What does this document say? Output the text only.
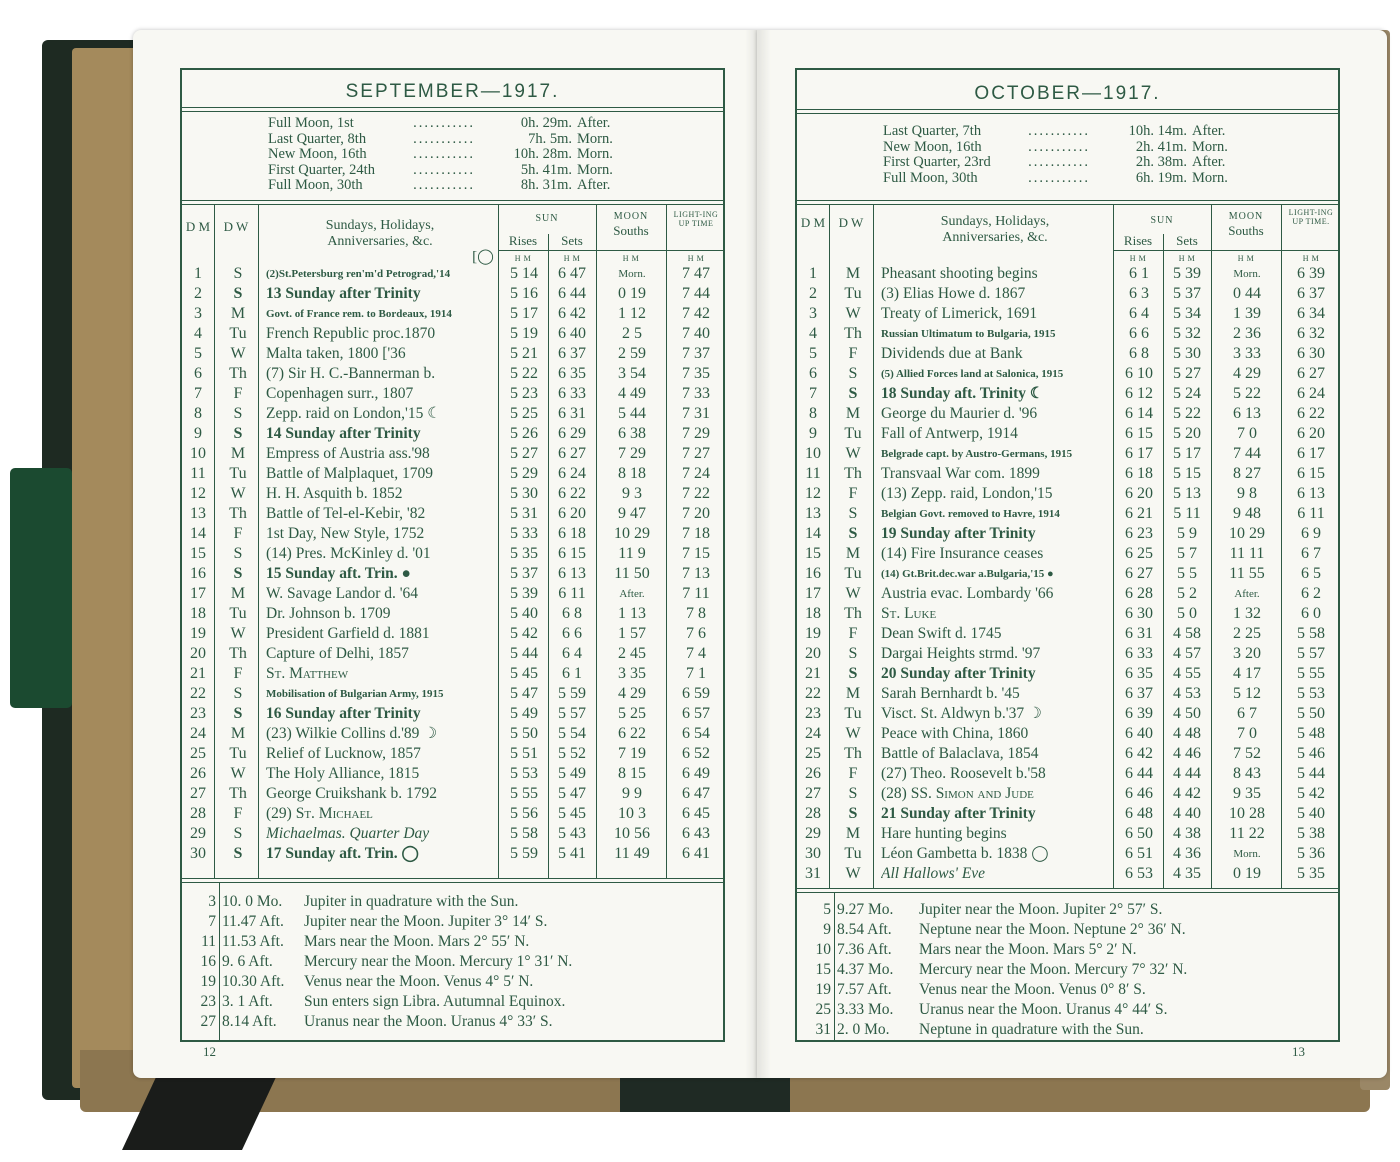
SEPTEMBER—1917.
Full Moon, 1st	...........	0h. 29m. After.
Last Quarter, 8th	...........	7h. 5m. Morn.
New Moon, 16th	...........	10h. 28m. Morn.
First Quarter, 24th	...........	5h. 41m. Morn.
Full Moon, 30th	...........	8h. 31m. After.
D M	D W	Sundays, Holidays, Anniversaries, &c.
SUN
Rises	Sets
MOON
Souths
LIGHT-ING UP TIME
H M	H M	H M	H M
[◯
1	S	(2)St.Petersburg ren'm'd Petrograd,'14	5 14	6 47	Morn.	7 47
2	S	13 Sunday after Trinity	5 16	6 44	0 19	7 44
3	M	Govt. of France rem. to Bordeaux, 1914	5 17	6 42	1 12	7 42
4	Tu	French Republic proc.1870	5 19	6 40	2 5	7 40
5	W	Malta taken, 1800 ['36	5 21	6 37	2 59	7 37
6	Th	(7) Sir H. C.-Bannerman b.	5 22	6 35	3 54	7 35
7	F	Copenhagen surr., 1807	5 23	6 33	4 49	7 33
8	S	Zepp. raid on London,'15 ☾	5 25	6 31	5 44	7 31
9	S	14 Sunday after Trinity	5 26	6 29	6 38	7 29
10	M	Empress of Austria ass.'98	5 27	6 27	7 29	7 27
11	Tu	Battle of Malplaquet, 1709	5 29	6 24	8 18	7 24
12	W	H. H. Asquith b. 1852	5 30	6 22	9 3	7 22
13	Th	Battle of Tel-el-Kebir, '82	5 31	6 20	9 47	7 20
14	F	1st Day, New Style, 1752	5 33	6 18	10 29	7 18
15	S	(14) Pres. McKinley d. '01	5 35	6 15	11 9	7 15
16	S	15 Sunday aft. Trin. ●	5 37	6 13	11 50	7 13
17	M	W. Savage Landor d. '64	5 39	6 11	After.	7 11
18	Tu	Dr. Johnson b. 1709	5 40	6 8	1 13	7 8
19	W	President Garfield d. 1881	5 42	6 6	1 57	7 6
20	Th	Capture of Delhi, 1857	5 44	6 4	2 45	7 4
21	F	St. Matthew	5 45	6 1	3 35	7 1
22	S	Mobilisation of Bulgarian Army, 1915	5 47	5 59	4 29	6 59
23	S	16 Sunday after Trinity	5 49	5 57	5 25	6 57
24	M	(23) Wilkie Collins d.'89 ☽	5 50	5 54	6 22	6 54
25	Tu	Relief of Lucknow, 1857	5 51	5 52	7 19	6 52
26	W	The Holy Alliance, 1815	5 53	5 49	8 15	6 49
27	Th	George Cruikshank b. 1792	5 55	5 47	9 9	6 47
28	F	(29) St. Michael	5 56	5 45	10 3	6 45
29	S	Michaelmas. Quarter Day	5 58	5 43	10 56	6 43
30	S	17 Sunday aft. Trin. ◯	5 59	5 41	11 49	6 41
3 10. 0 Mo.	Jupiter in quadrature with the Sun.
7 11.47 Aft.	Jupiter near the Moon. Jupiter 3° 14′ S.
11 11.53 Aft.	Mars near the Moon. Mars 2° 55′ N.
16 9. 6 Aft.	Mercury near the Moon. Mercury 1° 31′ N.
19 10.30 Aft.	Venus near the Moon. Venus 4° 5′ N.
23 3. 1 Aft.	Sun enters sign Libra. Autumnal Equinox.
27 8.14 Aft.	Uranus near the Moon. Uranus 4° 33′ S.
12
OCTOBER—1917.
Last Quarter, 7th	...........	10h. 14m. After.
New Moon, 16th	...........	2h. 41m. Morn.
First Quarter, 23rd	...........	2h. 38m. After.
Full Moon, 30th	...........	6h. 19m. Morn.
D M	D W	Sundays, Holidays, Anniversaries, &c.
SUN
Rises	Sets
MOON
Souths
LIGHT-ING UP TIME.
H M	H M	H M	H M
1	M	Pheasant shooting begins	6 1	5 39	Morn.	6 39
2	Tu	(3) Elias Howe d. 1867	6 3	5 37	0 44	6 37
3	W	Treaty of Limerick, 1691	6 4	5 34	1 39	6 34
4	Th	Russian Ultimatum to Bulgaria, 1915	6 6	5 32	2 36	6 32
5	F	Dividends due at Bank	6 8	5 30	3 33	6 30
6	S	(5) Allied Forces land at Salonica, 1915	6 10	5 27	4 29	6 27
7	S	18 Sunday aft. Trinity ☾	6 12	5 24	5 22	6 24
8	M	George du Maurier d. '96	6 14	5 22	6 13	6 22
9	Tu	Fall of Antwerp, 1914	6 15	5 20	7 0	6 20
10	W	Belgrade capt. by Austro-Germans, 1915	6 17	5 17	7 44	6 17
11	Th	Transvaal War com. 1899	6 18	5 15	8 27	6 15
12	F	(13) Zepp. raid, London,'15	6 20	5 13	9 8	6 13
13	S	Belgian Govt. removed to Havre, 1914	6 21	5 11	9 48	6 11
14	S	19 Sunday after Trinity	6 23	5 9	10 29	6 9
15	M	(14) Fire Insurance ceases	6 25	5 7	11 11	6 7
16	Tu	(14) Gt.Brit.dec.war a.Bulgaria,'15 ●	6 27	5 5	11 55	6 5
17	W	Austria evac. Lombardy '66	6 28	5 2	After.	6 2
18	Th	St. Luke	6 30	5 0	1 32	6 0
19	F	Dean Swift d. 1745	6 31	4 58	2 25	5 58
20	S	Dargai Heights strmd. '97	6 33	4 57	3 20	5 57
21	S	20 Sunday after Trinity	6 35	4 55	4 17	5 55
22	M	Sarah Bernhardt b. '45	6 37	4 53	5 12	5 53
23	Tu	Visct. St. Aldwyn b.'37 ☽	6 39	4 50	6 7	5 50
24	W	Peace with China, 1860	6 40	4 48	7 0	5 48
25	Th	Battle of Balaclava, 1854	6 42	4 46	7 52	5 46
26	F	(27) Theo. Roosevelt b.'58	6 44	4 44	8 43	5 44
27	S	(28) SS. Simon and Jude	6 46	4 42	9 35	5 42
28	S	21 Sunday after Trinity	6 48	4 40	10 28	5 40
29	M	Hare hunting begins	6 50	4 38	11 22	5 38
30	Tu	Léon Gambetta b. 1838 ◯	6 51	4 36	Morn.	5 36
31	W	All Hallows' Eve	6 53	4 35	0 19	5 35
5 9.27 Mo.	Jupiter near the Moon. Jupiter 2° 57′ S.
9 8.54 Aft.	Neptune near the Moon. Neptune 2° 36′ N.
10 7.36 Aft.	Mars near the Moon. Mars 5° 2′ N.
15 4.37 Mo.	Mercury near the Moon. Mercury 7° 32′ N.
19 7.57 Aft.	Venus near the Moon. Venus 0° 8′ S.
25 3.33 Mo.	Uranus near the Moon. Uranus 4° 44′ S.
31 2. 0 Mo.	Neptune in quadrature with the Sun.
13
